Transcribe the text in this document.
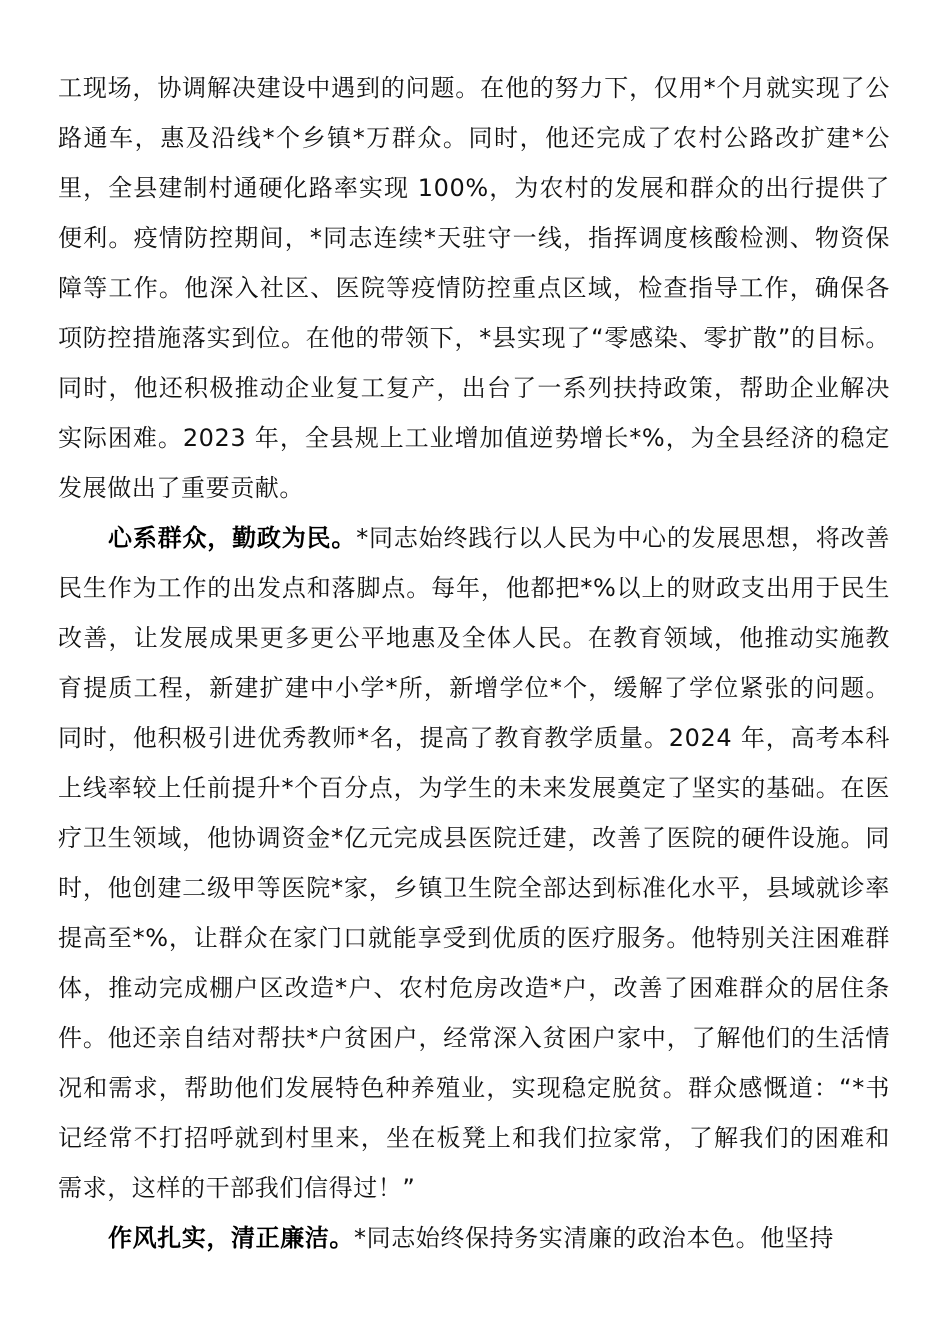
工现场，协调解决建设中遇到的问题。在他的努力下，仅用*个月就实现了公路通车，惠及沿线*个乡镇*万群众。同时，他还完成了农村公路改扩建*公里，全县建制村通硬化路率实现 100%，为农村的发展和群众的出行提供了便利。疫情防控期间，*同志连续*天驻守一线，指挥调度核酸检测、物资保障等工作。他深入社区、医院等疫情防控重点区域，检查指导工作，确保各项防控措施落实到位。在他的带领下，*县实现了“零感染、零扩散”的目标。同时，他还积极推动企业复工复产，出台了一系列扶持政策，帮助企业解决实际困难。2023 年，全县规上工业增加值逆势增长*%，为全县经济的稳定发展做出了重要贡献。

心系群众，勤政为民。*同志始终践行以人民为中心的发展思想，将改善民生作为工作的出发点和落脚点。每年，他都把*%以上的财政支出用于民生改善，让发展成果更多更公平地惠及全体人民。在教育领域，他推动实施教育提质工程，新建扩建中小学*所，新增学位*个，缓解了学位紧张的问题。同时，他积极引进优秀教师*名，提高了教育教学质量。2024 年，高考本科上线率较上任前提升*个百分点，为学生的未来发展奠定了坚实的基础。在医疗卫生领域，他协调资金*亿元完成县医院迁建，改善了医院的硬件设施。同时，他创建二级甲等医院*家，乡镇卫生院全部达到标准化水平，县域就诊率提高至*%，让群众在家门口就能享受到优质的医疗服务。他特别关注困难群体，推动完成棚户区改造*户、农村危房改造*户，改善了困难群众的居住条件。他还亲自结对帮扶*户贫困户，经常深入贫困户家中，了解他们的生活情况和需求，帮助他们发展特色种养殖业，实现稳定脱贫。群众感慨道：“*书记经常不打招呼就到村里来，坐在板凳上和我们拉家常，了解我们的困难和需求，这样的干部我们信得过！”

作风扎实，清正廉洁。*同志始终保持务实清廉的政治本色。他坚持
